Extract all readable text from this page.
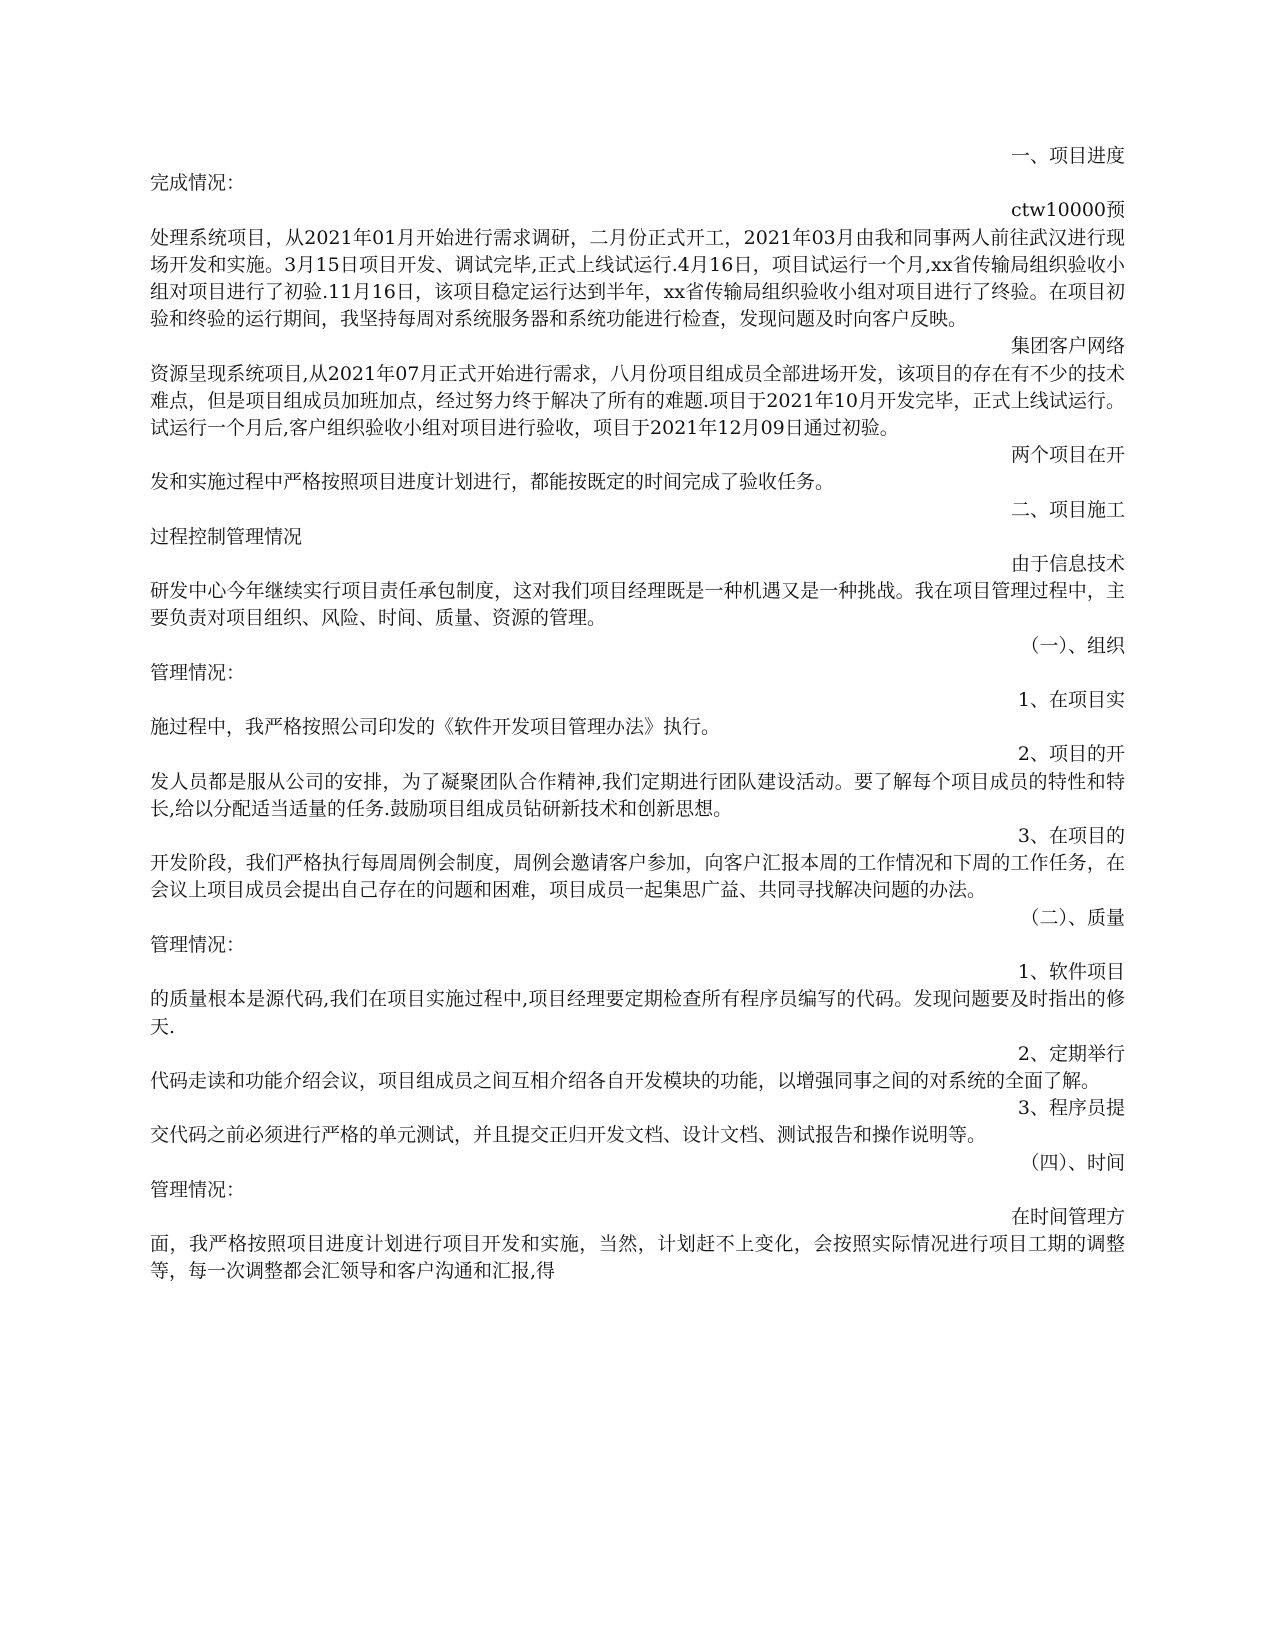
一、项目进度
完成情况：
ctw10000预
处理系统项目，从2021年01月开始进行需求调研，二月份正式开工，2021年03月由我和同事两人前往武汉进行现场开发和实施。3月15日项目开发、调试完毕,正式上线试运行.4月16日，项目试运行一个月,xx省传输局组织验收小组对项目进行了初验.11月16日，该项目稳定运行达到半年，xx省传输局组织验收小组对项目进行了终验。在项目初验和终验的运行期间，我坚持每周对系统服务器和系统功能进行检查，发现问题及时向客户反映。
集团客户网络
资源呈现系统项目,从2021年07月正式开始进行需求，八月份项目组成员全部进场开发，该项目的存在有不少的技术难点，但是项目组成员加班加点，经过努力终于解决了所有的难题.项目于2021年10月开发完毕，正式上线试运行。试运行一个月后,客户组织验收小组对项目进行验收，项目于2021年12月09日通过初验。
两个项目在开
发和实施过程中严格按照项目进度计划进行，都能按既定的时间完成了验收任务。
二、项目施工
过程控制管理情况
由于信息技术
研发中心今年继续实行项目责任承包制度，这对我们项目经理既是一种机遇又是一种挑战。我在项目管理过程中，主要负责对项目组织、风险、时间、质量、资源的管理。
（一）、组织
管理情况：
1、在项目实
施过程中，我严格按照公司印发的《软件开发项目管理办法》执行。
2、项目的开
发人员都是服从公司的安排，为了凝聚团队合作精神,我们定期进行团队建设活动。要了解每个项目成员的特性和特长,给以分配适当适量的任务.鼓励项目组成员钻研新技术和创新思想。
3、在项目的
开发阶段，我们严格执行每周周例会制度，周例会邀请客户参加，向客户汇报本周的工作情况和下周的工作任务，在会议上项目成员会提出自己存在的问题和困难，项目成员一起集思广益、共同寻找解决问题的办法。
（二）、质量
管理情况：
1、软件项目
的质量根本是源代码,我们在项目实施过程中,项目经理要定期检查所有程序员编写的代码。发现问题要及时指出的修天.
2、定期举行
代码走读和功能介绍会议，项目组成员之间互相介绍各自开发模块的功能，以增强同事之间的对系统的全面了解。
3、程序员提
交代码之前必须进行严格的单元测试，并且提交正归开发文档、设计文档、测试报告和操作说明等。
（四）、时间
管理情况：
在时间管理方
面，我严格按照项目进度计划进行项目开发和实施，当然，计划赶不上变化，会按照实际情况进行项目工期的调整等，每一次调整都会汇领导和客户沟通和汇报,得
